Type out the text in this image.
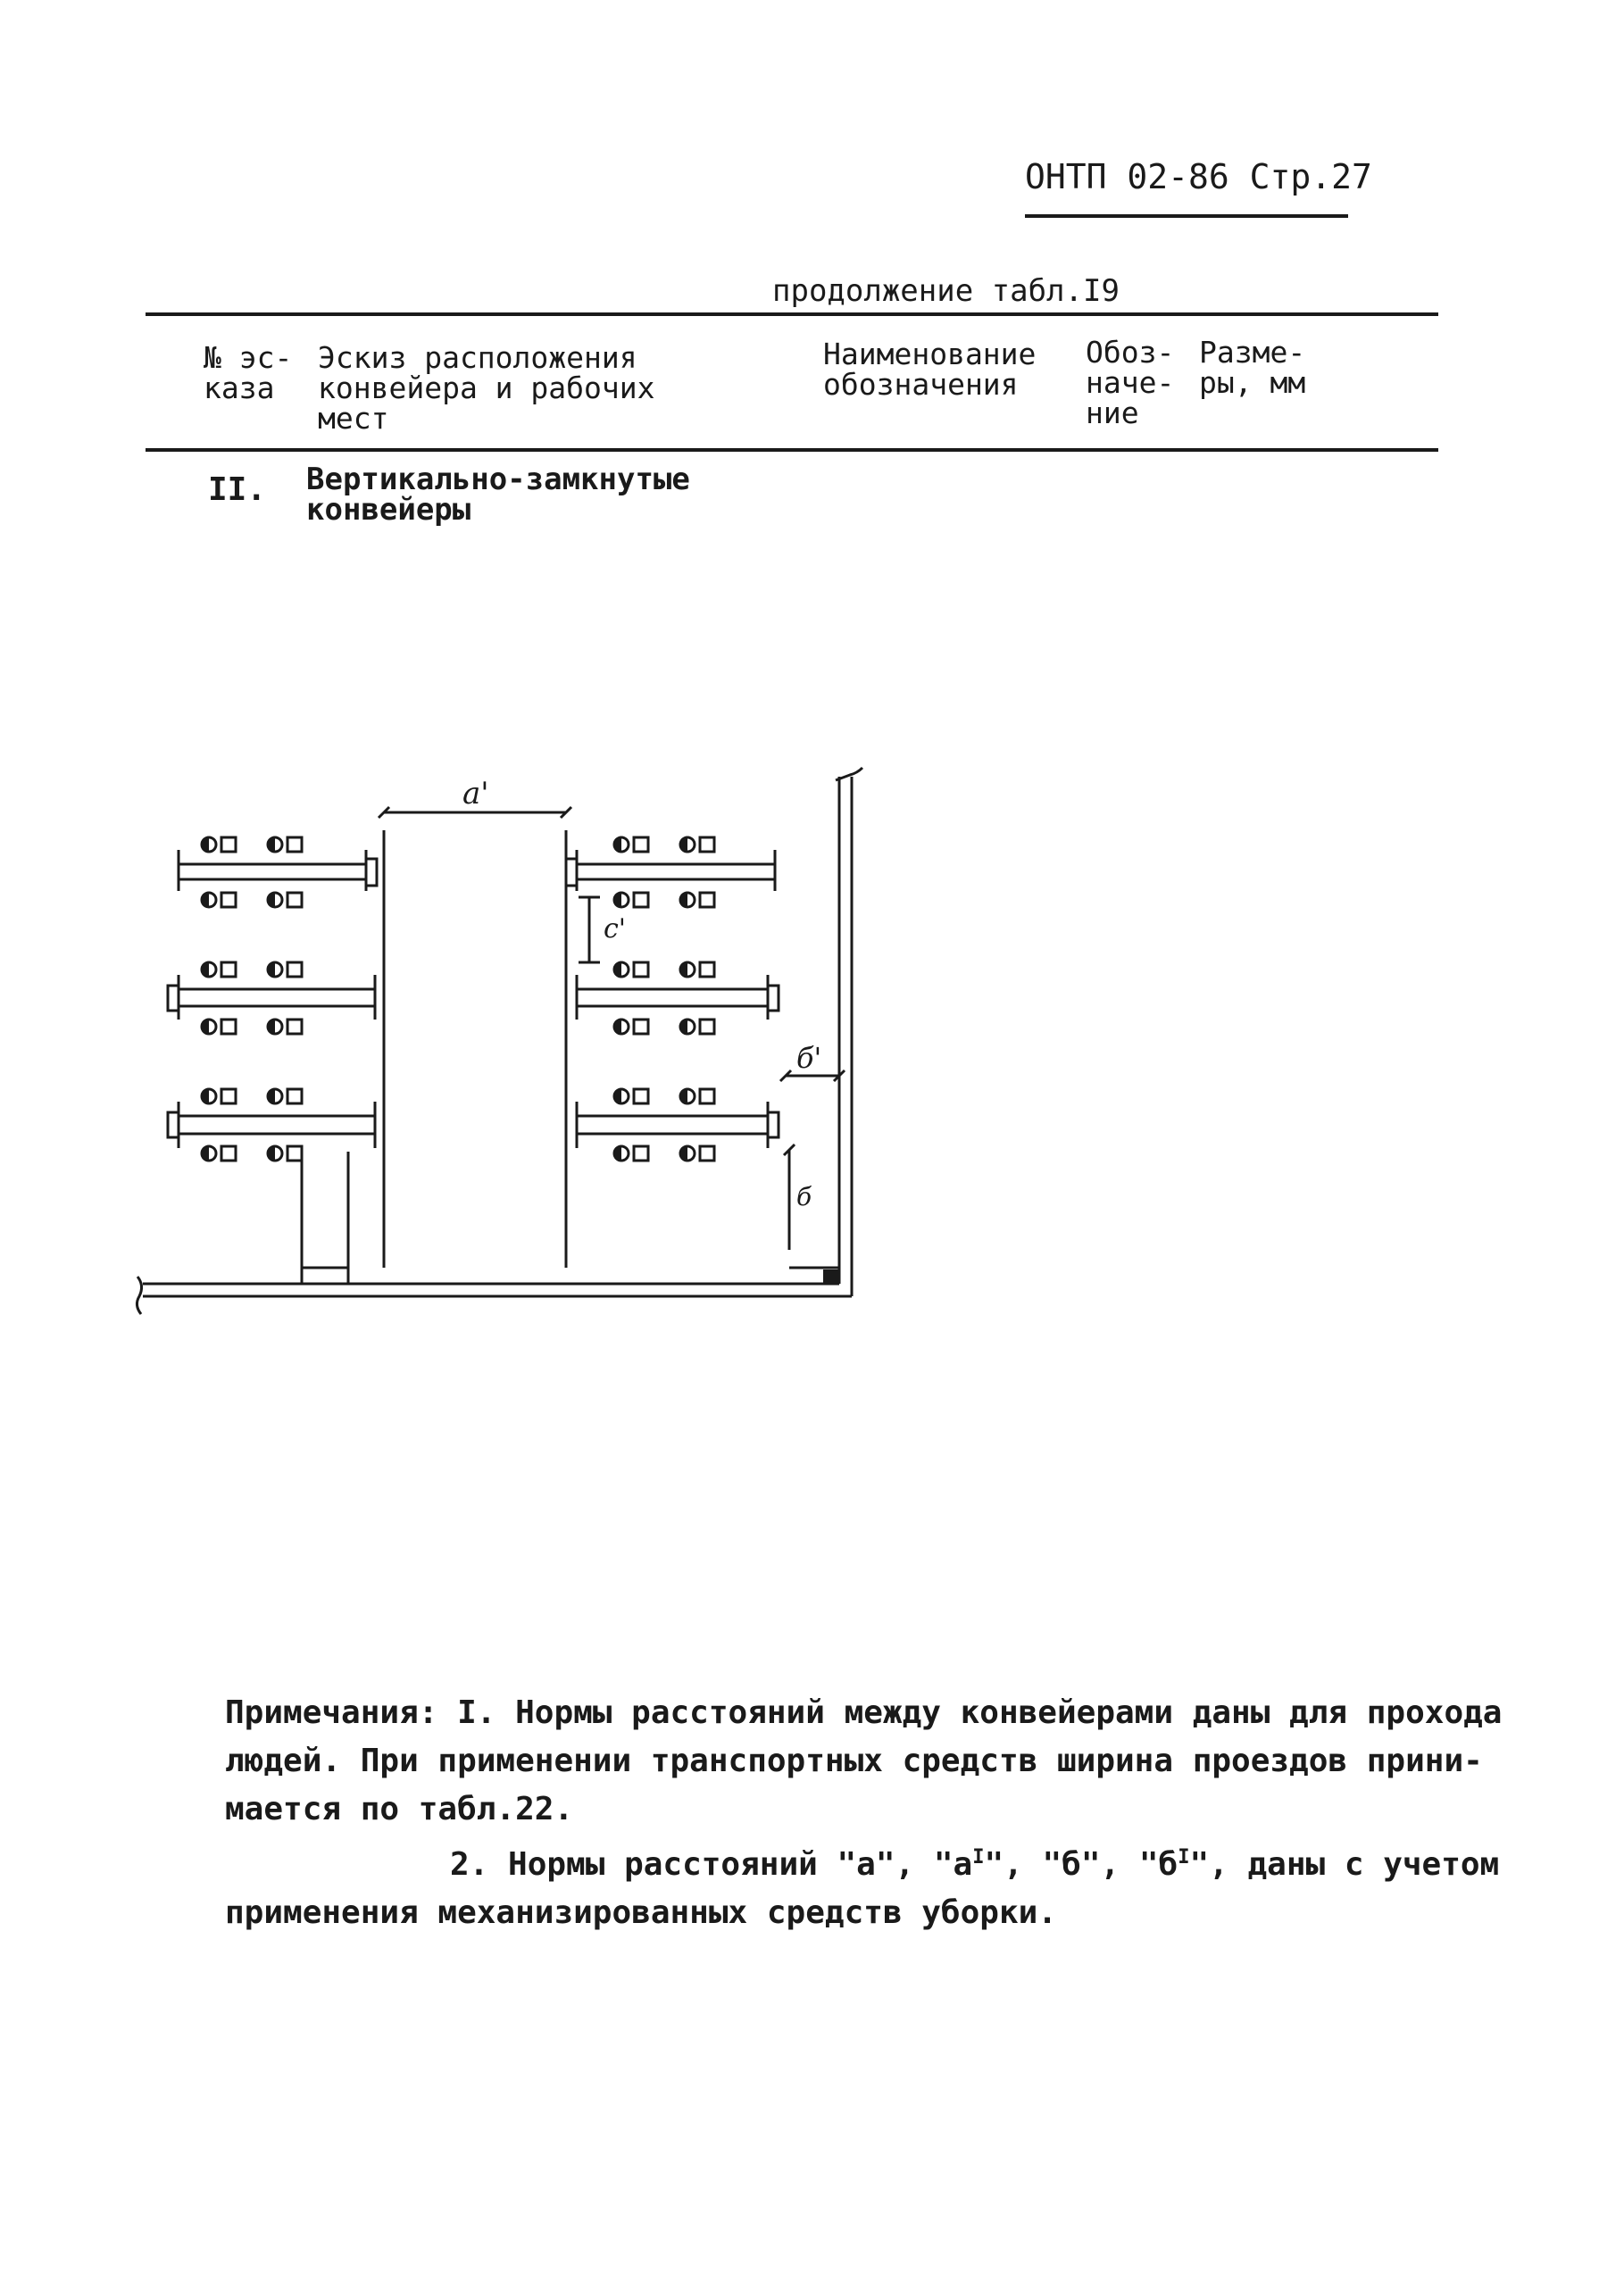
ОНТП 02-86 Стр.27
продолжение табл.I9
№ эс-
каза
Эскиз расположения
конвейера и рабочих
мест
Наименование
обозначения
Обоз-
наче-
ние
Разме-
ры, мм
II. Вертикально-замкнутые
конвейеры
a'
с'
б'
б
Примечания: I. Нормы расстояний между конвейерами даны для прохода
людей. При применении транспортных средств ширина проездов прини-
мается по табл.22.
2. Нормы расстояний "а", "$а^I$", "б", "$б^I$", даны с учетом
применения механизированных средств уборки.
